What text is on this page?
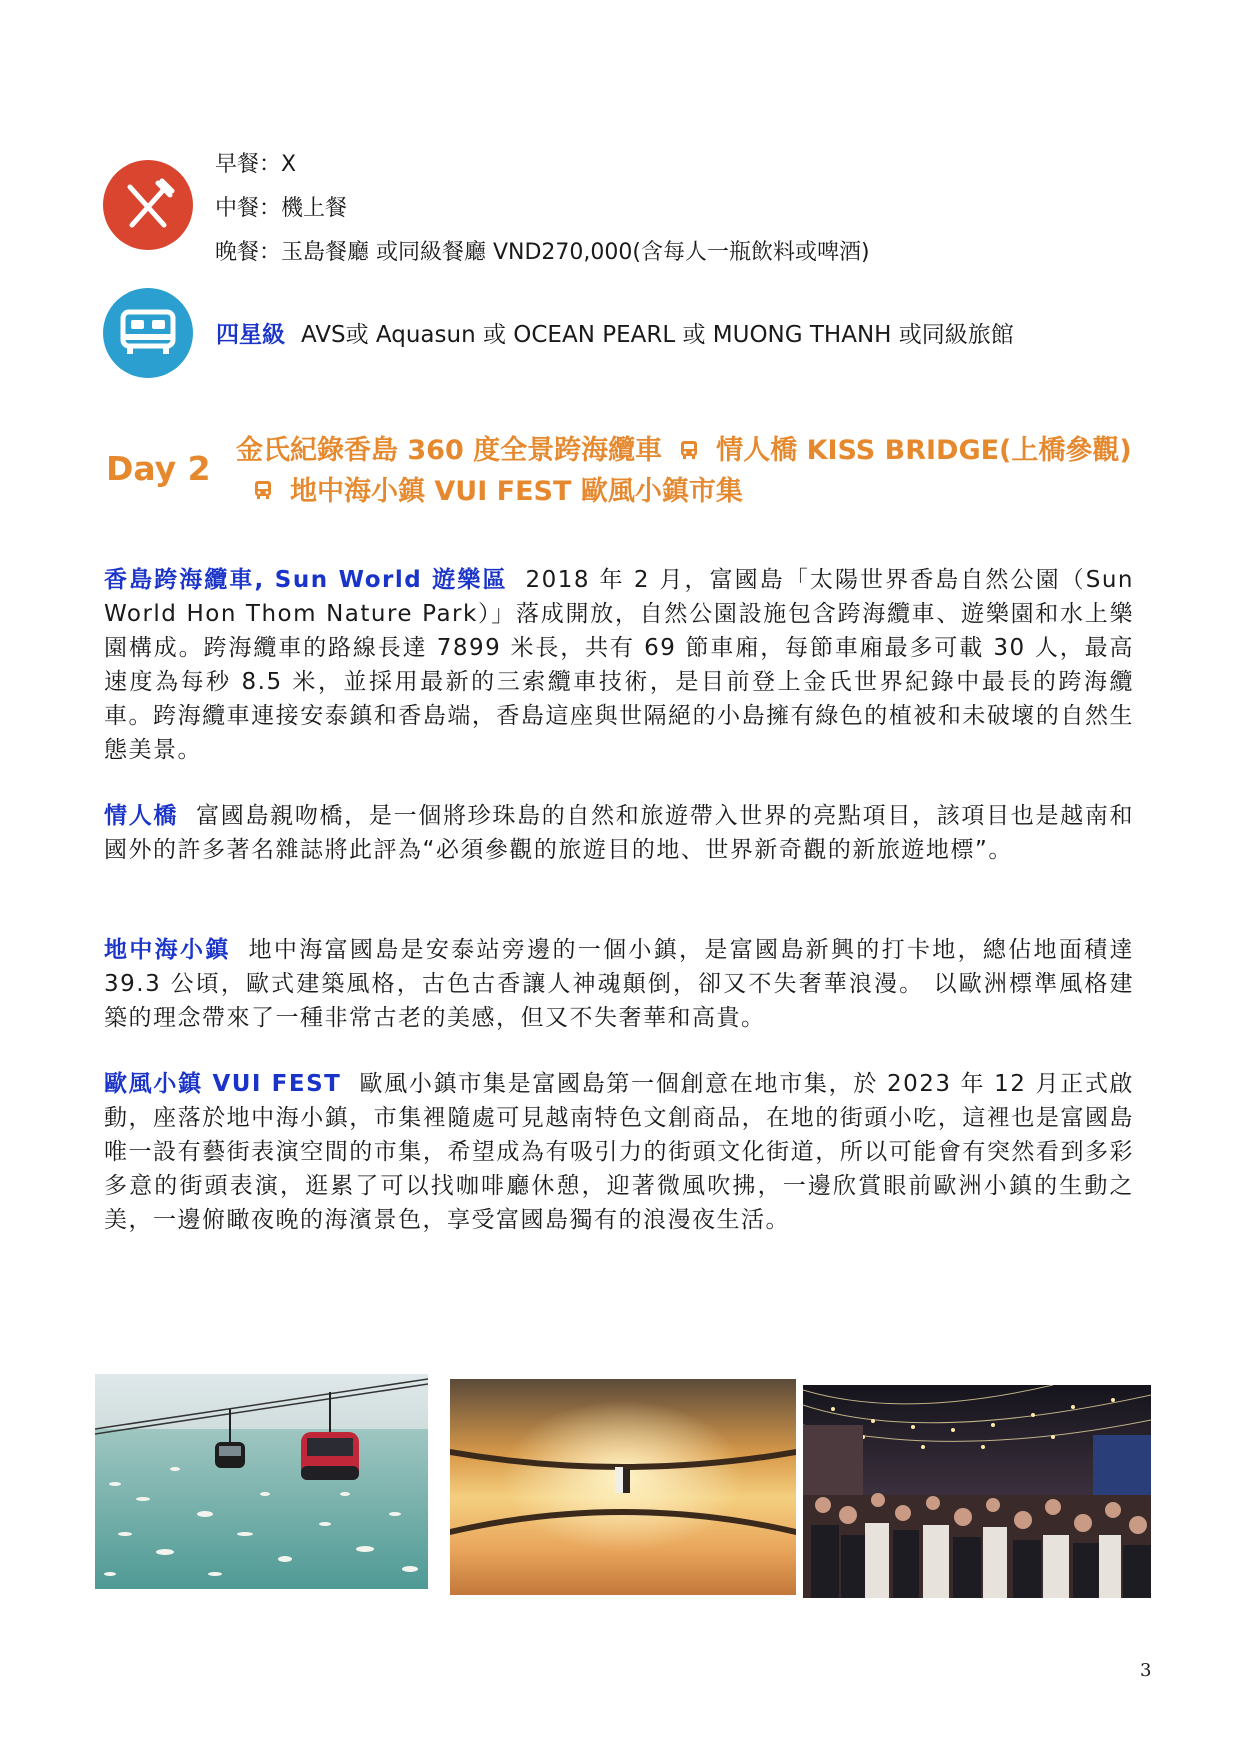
早餐：X
中餐：機上餐
晚餐：玉島餐廳 或同級餐廳 VND270,000(含每人一瓶飲料或啤酒)
四星級 AVS或 Aquasun 或 OCEAN PEARL 或 MUONG THANH 或同級旅館
Day 2 金氏紀錄香島 360 度全景跨海纜車 情人橋 KISS BRIDGE(上橋參觀)地中海小鎮 VUI FEST 歐風小鎮市集
香島跨海纜車, Sun World 遊樂區 2018 年 2 月，富國島「太陽世界香島自然公園（Sun World Hon Thom Nature Park）」落成開放，自然公園設施包含跨海纜車、遊樂園和水上樂園構成。跨海纜車的路線長達 7899 米長，共有 69 節車廂，每節車廂最多可載 30 人，最高速度為每秒 8.5 米，並採用最新的三索纜車技術，是目前登上金氏世界紀錄中最長的跨海纜車。跨海纜車連接安泰鎮和香島端，香島這座與世隔絕的小島擁有綠色的植被和未破壞的自然生態美景。
情人橋 富國島親吻橋，是一個將珍珠島的自然和旅遊帶入世界的亮點項目，該項目也是越南和國外的許多著名雜誌將此評為“必須參觀的旅遊目的地、世界新奇觀的新旅遊地標”。
地中海小鎮 地中海富國島是安泰站旁邊的一個小鎮，是富國島新興的打卡地，總佔地面積達 39.3 公頃，歐式建築風格，古色古香讓人神魂顛倒，卻又不失奢華浪漫。 以歐洲標準風格建築的理念帶來了一種非常古老的美感，但又不失奢華和高貴。
歐風小鎮 VUI FEST 歐風小鎮市集是富國島第一個創意在地市集，於 2023 年 12 月正式啟動，座落於地中海小鎮，市集裡隨處可見越南特色文創商品，在地的街頭小吃，這裡也是富國島唯一設有藝街表演空間的市集，希望成為有吸引力的街頭文化街道，所以可能會有突然看到多彩多意的街頭表演，逛累了可以找咖啡廳休憩，迎著微風吹拂，一邊欣賞眼前歐洲小鎮的生動之美，一邊俯瞰夜晚的海濱景色，享受富國島獨有的浪漫夜生活。
3
